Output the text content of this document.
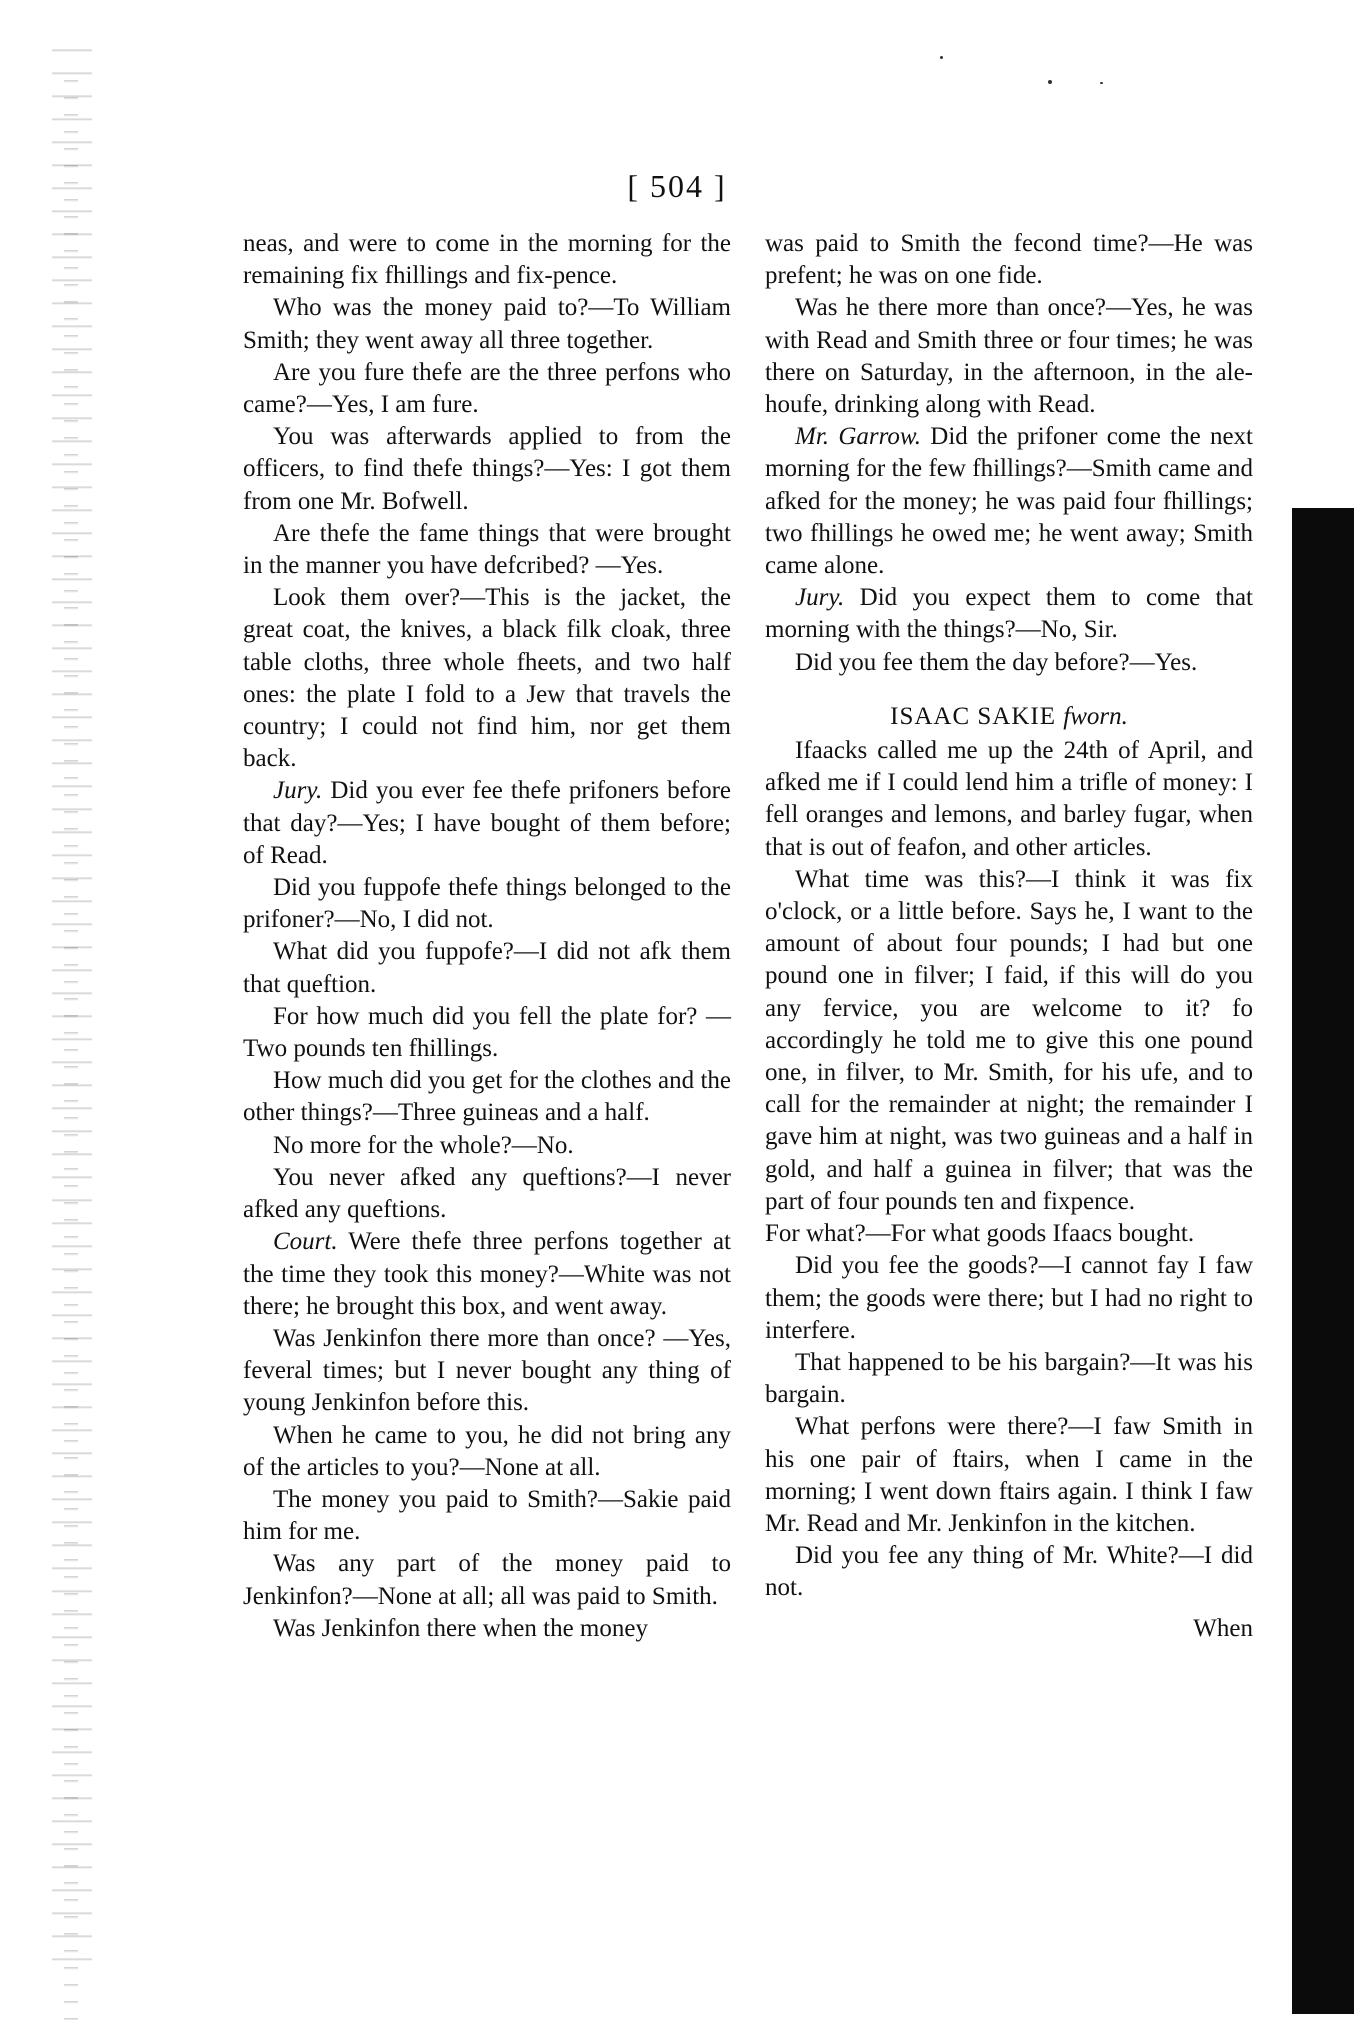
[ 504 ]

neas, and were to come in the morning for the remaining fix fhillings and fix-pence.

Who was the money paid to?—To William Smith; they went away all three together.

Are you fure thefe are the three perfons who came?—Yes, I am fure.

You was afterwards applied to from the officers, to find thefe things?—Yes: I got them from one Mr. Bofwell.

Are thefe the fame things that were brought in the manner you have defcribed? —Yes.

Look them over?—This is the jacket, the great coat, the knives, a black filk cloak, three table cloths, three whole fheets, and two half ones: the plate I fold to a Jew that travels the country; I could not find him, nor get them back.

Jury. Did you ever fee thefe prifoners before that day?—Yes; I have bought of them before; of Read.

Did you fuppofe thefe things belonged to the prifoner?—No, I did not.

What did you fuppofe?—I did not afk them that queftion.

For how much did you fell the plate for? —Two pounds ten fhillings.

How much did you get for the clothes and the other things?—Three guineas and a half.

No more for the whole?—No.

You never afked any queftions?—I never afked any queftions.

Court. Were thefe three perfons together at the time they took this money?—White was not there; he brought this box, and went away.

Was Jenkinfon there more than once? —Yes, feveral times; but I never bought any thing of young Jenkinfon before this.

When he came to you, he did not bring any of the articles to you?—None at all.

The money you paid to Smith?—Sakie paid him for me.

Was any part of the money paid to Jenkinfon?—None at all; all was paid to Smith.

Was Jenkinfon there when the money

was paid to Smith the fecond time?—He was prefent; he was on one fide.

Was he there more than once?—Yes, he was with Read and Smith three or four times; he was there on Saturday, in the afternoon, in the ale-houfe, drinking along with Read.

Mr. Garrow. Did the prifoner come the next morning for the few fhillings?—Smith came and afked for the money; he was paid four fhillings; two fhillings he owed me; he went away; Smith came alone.

Jury. Did you expect them to come that morning with the things?—No, Sir.

Did you fee them the day before?—Yes.

ISAAC SAKIE fworn.

Ifaacks called me up the 24th of April, and afked me if I could lend him a trifle of money: I fell oranges and lemons, and barley fugar, when that is out of feafon, and other articles.

What time was this?—I think it was fix o'clock, or a little before. Says he, I want to the amount of about four pounds; I had but one pound one in filver; I faid, if this will do you any fervice, you are welcome to it? fo accordingly he told me to give this one pound one, in filver, to Mr. Smith, for his ufe, and to call for the remainder at night; the remainder I gave him at night, was two guineas and a half in gold, and half a guinea in filver; that was the part of four pounds ten and fixpence.

For what?—For what goods Ifaacs bought.

Did you fee the goods?—I cannot fay I faw them; the goods were there; but I had no right to interfere.

That happened to be his bargain?—It was his bargain.

What perfons were there?—I faw Smith in his one pair of ftairs, when I came in the morning; I went down ftairs again. I think I faw Mr. Read and Mr. Jenkinfon in the kitchen.

Did you fee any thing of Mr. White?—I did not.

When
